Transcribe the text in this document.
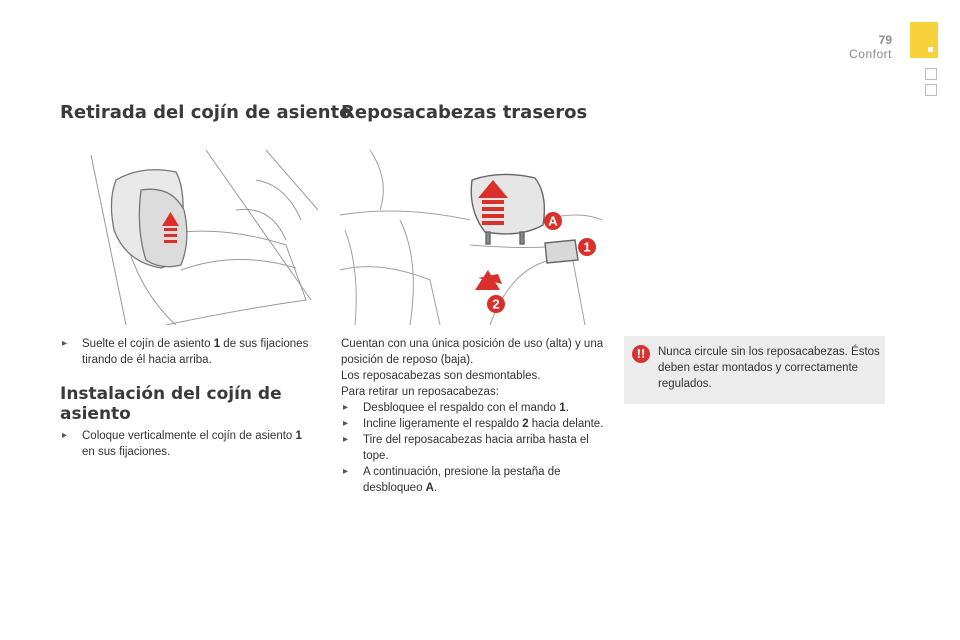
79
Confort
Retirada del cojín de asiento
Reposacabezas traseros
A
1
2
▸ Suelte el cojín de asiento 1 de sus fijaciones tirando de él hacia arriba.
Instalación del cojín de asiento
▸ Coloque verticalmente el cojín de asiento 1 en sus fijaciones.
Cuentan con una única posición de uso (alta) y una posición de reposo (baja).
Los reposacabezas son desmontables.
Para retirar un reposacabezas:
▸ Desbloquee el respaldo con el mando 1.
▸ Incline ligeramente el respaldo 2 hacia delante.
▸ Tire del reposacabezas hacia arriba hasta el tope.
▸ A continuación, presione la pestaña de desbloqueo A.
!!	Nunca circule sin los reposacabezas. Éstos deben estar montados y correctamente regulados.
